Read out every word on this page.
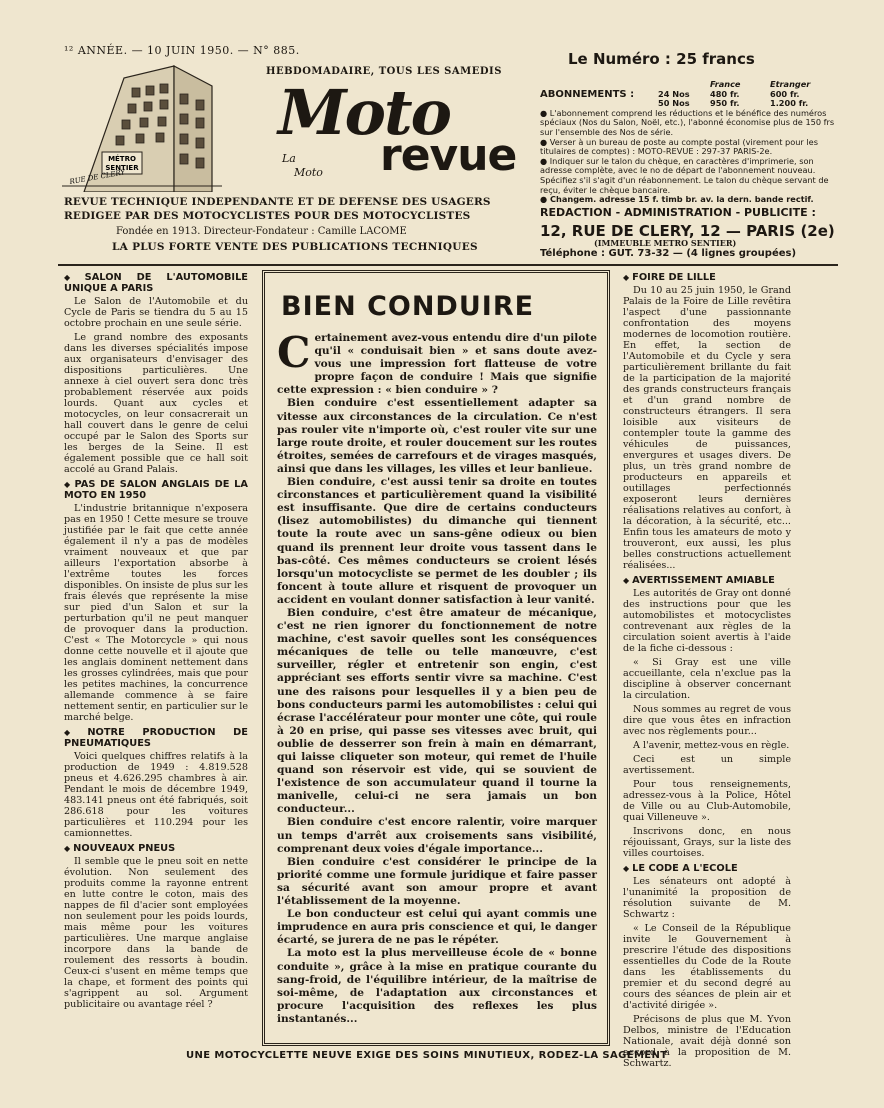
¹² ANNÉE. — 10 JUIN 1950. — N° 885.
HEBDOMADAIRE, TOUS LES SAMEDIS
MÉTRO
SENTIER
RUE DE CLERY
Moto
La
Moto revue
REVUE TECHNIQUE INDEPENDANTE ET DE DEFENSE DES USAGERS
REDIGEE PAR DES MOTOCYCLISTES POUR DES MOTOCYCLISTES
Fondée en 1913. Directeur-Fondateur : Camille LACOME
LA PLUS FORTE VENTE DES PUBLICATIONS TECHNIQUES
Le Numéro : 25 francs
France	Etranger
ABONNEMENTS :	24 Nos	480 fr.	600 fr.
50 Nos	950 fr.	1.200 fr.
● L'abonnement comprend les réductions et le bénéfice des numéros spéciaux (Nos du Salon, Noël, etc.), l'abonné économise plus de 150 frs sur l'ensemble des Nos de série.
● Verser à un bureau de poste au compte postal (virement pour les titulaires de comptes) : MOTO-REVUE : 297-37 PARIS-2e.
● Indiquer sur le talon du chèque, en caractères d'imprimerie, son adresse complète, avec le no de départ de l'abonnement nouveau. Spécifiez s'il s'agit d'un réabonnement. Le talon du chèque servant de reçu, éviter le chèque bancaire.
● Changem. adresse 15 f. timb br. av. la dern. bande rectif.
REDACTION - ADMINISTRATION - PUBLICITE :
12, RUE DE CLERY, 12 — PARIS (2e)
(IMMEUBLE METRO SENTIER)
Téléphone : GUT. 73-32 — (4 lignes groupées)
◆ SALON DE L'AUTOMOBILE UNIQUE A PARIS

Le Salon de l'Automobile et du Cycle de Paris se tiendra du 5 au 15 octobre prochain en une seule série.

Le grand nombre des exposants dans les diverses spécialités impose aux organisateurs d'envisager des dispositions particulières. Une annexe à ciel ouvert sera donc très probablement réservée aux poids lourds. Quant aux cycles et motocycles, on leur consacrerait un hall couvert dans le genre de celui occupé par le Salon des Sports sur les berges de la Seine. Il est également possible que ce hall soit accolé au Grand Palais.

◆ PAS DE SALON ANGLAIS DE LA MOTO EN 1950

L'industrie britannique n'exposera pas en 1950 ! Cette mesure se trouve justifiée par le fait que cette année également il n'y a pas de modèles vraiment nouveaux et que par ailleurs l'exportation absorbe à l'extrême toutes les forces disponibles. On insiste de plus sur les frais élevés que représente la mise sur pied d'un Salon et sur la perturbation qu'il ne peut manquer de provoquer dans la production. C'est « The Motorcycle » qui nous donne cette nouvelle et il ajoute que les anglais dominent nettement dans les grosses cylindrées, mais que pour les petites machines, la concurrence allemande commence à se faire nettement sentir, en particulier sur le marché belge.

◆ NOTRE PRODUCTION DE PNEUMATIQUES

Voici quelques chiffres relatifs à la production de 1949 : 4.819.528 pneus et 4.626.295 chambres à air. Pendant le mois de décembre 1949, 483.141 pneus ont été fabriqués, soit 286.618 pour les voitures particulières et 110.294 pour les camionnettes.

◆ NOUVEAUX PNEUS

Il semble que le pneu soit en nette évolution. Non seulement des produits comme la rayonne entrent en lutte contre le coton, mais des nappes de fil d'acier sont employées non seulement pour les poids lourds, mais même pour les voitures particulières. Une marque anglaise incorpore dans la bande de roulement des ressorts à boudin. Ceux-ci s'usent en même temps que la chape, et forment des points qui s'agrippent au sol. Argument publicitaire ou avantage réel ?

BIEN CONDUIRE

Certainement avez-vous entendu dire d'un pilote qu'il « conduisait bien » et sans doute avez-vous une impression fort flatteuse de votre propre façon de conduire ! Mais que signifie cette expression : « bien conduire » ?

Bien conduire c'est essentiellement adapter sa vitesse aux circonstances de la circulation. Ce n'est pas rouler vite n'importe où, c'est rouler vite sur une large route droite, et rouler doucement sur les routes étroites, semées de carrefours et de virages masqués, ainsi que dans les villages, les villes et leur banlieue.

Bien conduire, c'est aussi tenir sa droite en toutes circonstances et particulièrement quand la visibilité est insuffisante. Que dire de certains conducteurs (lisez automobilistes) du dimanche qui tiennent toute la route avec un sans-gêne odieux ou bien quand ils prennent leur droite vous tassent dans le bas-côté. Ces mêmes conducteurs se croient lésés lorsqu'un motocycliste se permet de les doubler ; ils foncent à toute allure et risquent de provoquer un accident en voulant donner satisfaction à leur vanité.

Bien conduire, c'est être amateur de mécanique, c'est ne rien ignorer du fonctionnement de notre machine, c'est savoir quelles sont les conséquences mécaniques de telle ou telle manœuvre, c'est surveiller, régler et entretenir son engin, c'est appréciant ses efforts sentir vivre sa machine. C'est une des raisons pour lesquelles il y a bien peu de bons conducteurs parmi les automobilistes : celui qui écrase l'accélérateur pour monter une côte, qui roule à 20 en prise, qui passe ses vitesses avec bruit, qui oublie de desserrer son frein à main en démarrant, qui laisse cliqueter son moteur, qui remet de l'huile quand son réservoir est vide, qui se souvient de l'existence de son accumulateur quand il tourne la manivelle, celui-ci ne sera jamais un bon conducteur...

Bien conduire c'est encore ralentir, voire marquer un temps d'arrêt aux croisements sans visibilité, comprenant deux voies d'égale importance...

Bien conduire c'est considérer le principe de la priorité comme une formule juridique et faire passer sa sécurité avant son amour propre et avant l'établissement de la moyenne.

Le bon conducteur est celui qui ayant commis une imprudence en aura pris conscience et qui, le danger écarté, se jurera de ne pas le répéter.

La moto est la plus merveilleuse école de « bonne conduite », grâce à la mise en pratique courante du sang-froid, de l'équilibre intérieur, de la maîtrise de soi-même, de l'adaptation aux circonstances et procure l'acquisition des reflexes les plus instantanés...

◆ FOIRE DE LILLE

Du 10 au 25 juin 1950, le Grand Palais de la Foire de Lille revêtira l'aspect d'une passionnante confrontation des moyens modernes de locomotion routière. En effet, la section de l'Automobile et du Cycle y sera particulièrement brillante du fait de la participation de la majorité des grands constructeurs français et d'un grand nombre de constructeurs étrangers. Il sera loisible aux visiteurs de contempler toute la gamme des véhicules de puissances, envergures et usages divers. De plus, un très grand nombre de producteurs en appareils et outillages perfectionnés exposeront leurs dernières réalisations relatives au confort, à la décoration, à la sécurité, etc... Enfin tous les amateurs de moto y trouveront, eux aussi, les plus belles constructions actuellement réalisées...

◆ AVERTISSEMENT AMIABLE

Les autorités de Gray ont donné des instructions pour que les automobilistes et motocyclistes contrevenant aux règles de la circulation soient avertis à l'aide de la fiche ci-dessous :

« Si Gray est une ville accueillante, cela n'exclue pas la discipline à observer concernant la circulation.

Nous sommes au regret de vous dire que vous êtes en infraction avec nos règlements pour...

A l'avenir, mettez-vous en règle.

Ceci est un simple avertissement.

Pour tous renseignements, adressez-vous à la Police, Hôtel de Ville ou au Club-Automobile, quai Villeneuve ».

Inscrivons donc, en nous réjouissant, Grays, sur la liste des villes courtoises.

◆ LE CODE A L'ECOLE

Les sénateurs ont adopté à l'unanimité la proposition de résolution suivante de M. Schwartz :

« Le Conseil de la République invite le Gouvernement à prescrire l'étude des dispositions essentielles du Code de la Route dans les établissements du premier et du second degré au cours des séances de plein air et d'activité dirigée ».

Précisons de plus que M. Yvon Delbos, ministre de l'Education Nationale, avait déjà donné son accord à la proposition de M. Schwartz.

UNE MOTOCYCLETTE NEUVE EXIGE DES SOINS MINUTIEUX, RODEZ-LA SAGEMENT
